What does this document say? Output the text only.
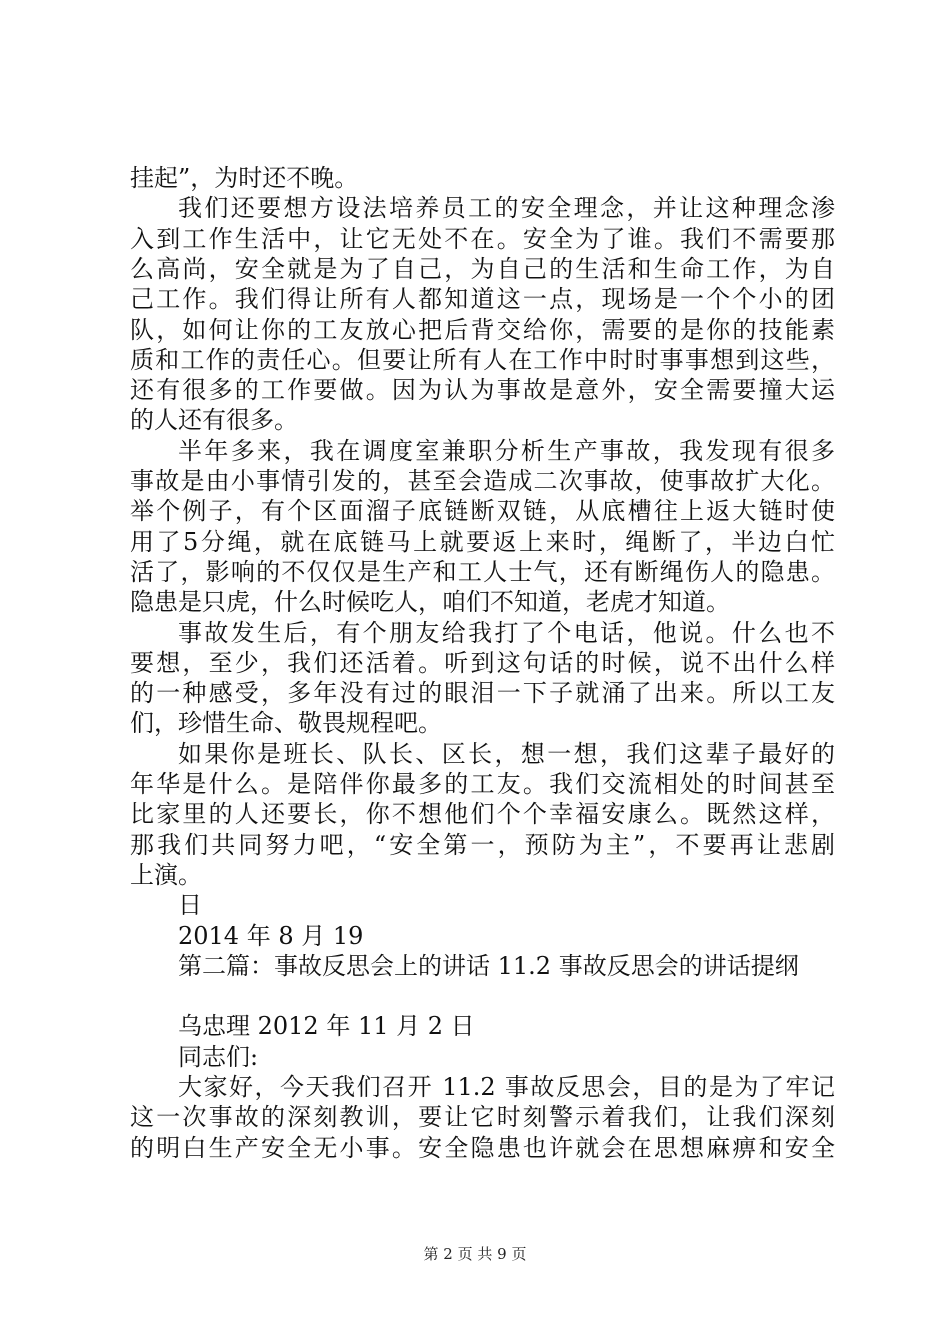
挂起”，为时还不晚。
我们还要想方设法培养员工的安全理念，并让这种理念渗
入到工作生活中，让它无处不在。安全为了谁。我们不需要那
么高尚，安全就是为了自己，为自己的生活和生命工作，为自
己工作。我们得让所有人都知道这一点，现场是一个个小的团
队，如何让你的工友放心把后背交给你，需要的是你的技能素
质和工作的责任心。但要让所有人在工作中时时事事想到这些，
还有很多的工作要做。因为认为事故是意外，安全需要撞大运
的人还有很多。
半年多来，我在调度室兼职分析生产事故，我发现有很多
事故是由小事情引发的，甚至会造成二次事故，使事故扩大化。
举个例子，有个区面溜子底链断双链，从底槽往上返大链时使
用了5分绳，就在底链马上就要返上来时，绳断了，半边白忙
活了，影响的不仅仅是生产和工人士气，还有断绳伤人的隐患。
隐患是只虎，什么时候吃人，咱们不知道，老虎才知道。
事故发生后，有个朋友给我打了个电话，他说。什么也不
要想，至少，我们还活着。听到这句话的时候，说不出什么样
的一种感受，多年没有过的眼泪一下子就涌了出来。所以工友
们，珍惜生命、敬畏规程吧。
如果你是班长、队长、区长，想一想，我们这辈子最好的
年华是什么。是陪伴你最多的工友。我们交流相处的时间甚至
比家里的人还要长，你不想他们个个幸福安康么。既然这样，
那我们共同努力吧，“安全第一，预防为主”，不要再让悲剧
上演。
日
2014 年 8 月 19
第二篇：事故反思会上的讲话 11.2 事故反思会的讲话提纲
乌忠理 2012 年 11 月 2 日
同志们:
大家好，今天我们召开 11.2 事故反思会，目的是为了牢记
这一次事故的深刻教训，要让它时刻警示着我们，让我们深刻
的明白生产安全无小事。安全隐患也许就会在思想麻痹和安全
第 2 页 共 9 页
